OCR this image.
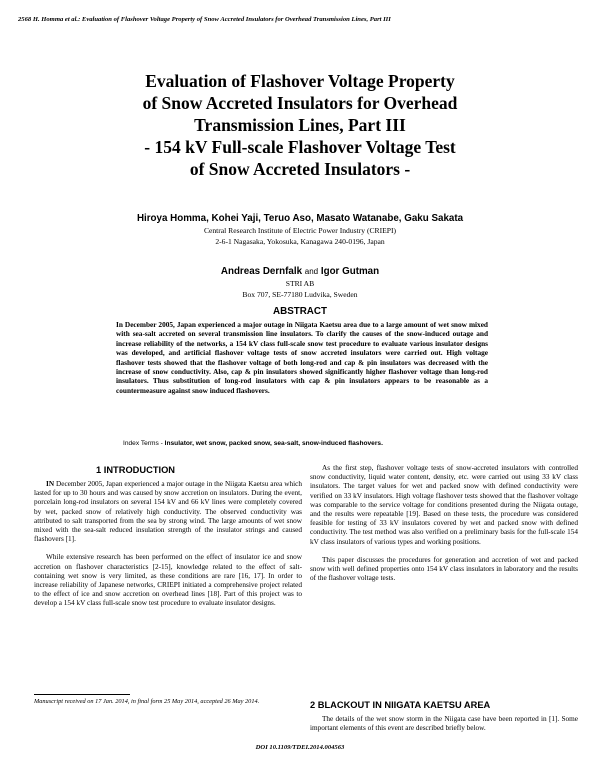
2568 H. Homma et al.: Evaluation of Flashover Voltage Property of Snow Accreted Insulators for Overhead Transmission Lines, Part III
Evaluation of Flashover Voltage Property
of Snow Accreted Insulators for Overhead
Transmission Lines, Part III
- 154 kV Full-scale Flashover Voltage Test
of Snow Accreted Insulators -
Hiroya Homma, Kohei Yaji, Teruo Aso, Masato Watanabe, Gaku Sakata
Central Research Institute of Electric Power Industry (CRIEPI)
2-6-1 Nagasaka, Yokosuka, Kanagawa 240-0196, Japan
Andreas Dernfalk and Igor Gutman
STRI AB
Box 707, SE-77180 Ludvika, Sweden
ABSTRACT
In December 2005, Japan experienced a major outage in Niigata Kaetsu area due to a large amount of wet snow mixed with sea-salt accreted on several transmission line insulators. To clarify the causes of the snow-induced outage and increase reliability of the networks, a 154 kV class full-scale snow test procedure to evaluate various insulator designs was developed, and artificial flashover voltage tests of snow accreted insulators were carried out. High voltage flashover tests showed that the flashover voltage of both long-rod and cap & pin insulators was decreased with the increase of snow conductivity. Also, cap & pin insulators showed significantly higher flashover voltage than long-rod insulators. Thus substitution of long-rod insulators with cap & pin insulators appears to be reasonable as a countermeasure against snow induced flashovers.
Index Terms - Insulator, wet snow, packed snow, sea-salt, snow-induced flashovers.
1 INTRODUCTION

IN December 2005, Japan experienced a major outage in the Niigata Kaetsu area which lasted for up to 30 hours and was caused by snow accretion on insulators. During the event, porcelain long-rod insulators on several 154 kV and 66 kV lines were completely covered by wet, packed snow of relatively high conductivity. The observed conductivity was attributed to salt transported from the sea by strong wind. The large amounts of wet snow mixed with the sea-salt reduced insulation strength of the insulator strings and caused flashovers [1].

While extensive research has been performed on the effect of insulator ice and snow accretion on flashover characteristics [2-15], knowledge related to the effect of salt-containing wet snow is very limited, as these conditions are rare [16, 17]. In order to increase reliability of Japanese networks, CRIEPI initiated a comprehensive project related to the effect of ice and snow accretion on overhead lines [18]. Part of this project was to develop a 154 kV class full-scale snow test procedure to evaluate insulator designs.

As the first step, flashover voltage tests of snow-accreted insulators with controlled snow conductivity, liquid water content, density, etc. were carried out using 33 kV class insulators. The target values for wet and packed snow with defined conductivity were verified on 33 kV insulators. High voltage flashover tests showed that the flashover voltage was comparable to the service voltage for conditions presented during the Niigata outage, and the results were repeatable [19]. Based on these tests, the procedure was considered feasible for testing of 33 kV insulators covered by wet and packed snow with defined conductivity. The test method was also verified on a preliminary basis for the full-scale 154 kV class insulators of various types and working positions.

This paper discusses the procedures for generation and accretion of wet and packed snow with well defined properties onto 154 kV class insulators in laboratory and the results of the flashover voltage tests.

2 BLACKOUT IN NIIGATA KAETSU AREA

The details of the wet snow storm in the Niigata case have been reported in [1]. Some important elements of this event are described briefly below.

Manuscript received on 17 Jan. 2014, in final form 25 May 2014, accepted 26 May 2014.
DOI 10.1109/TDEI.2014.004563
